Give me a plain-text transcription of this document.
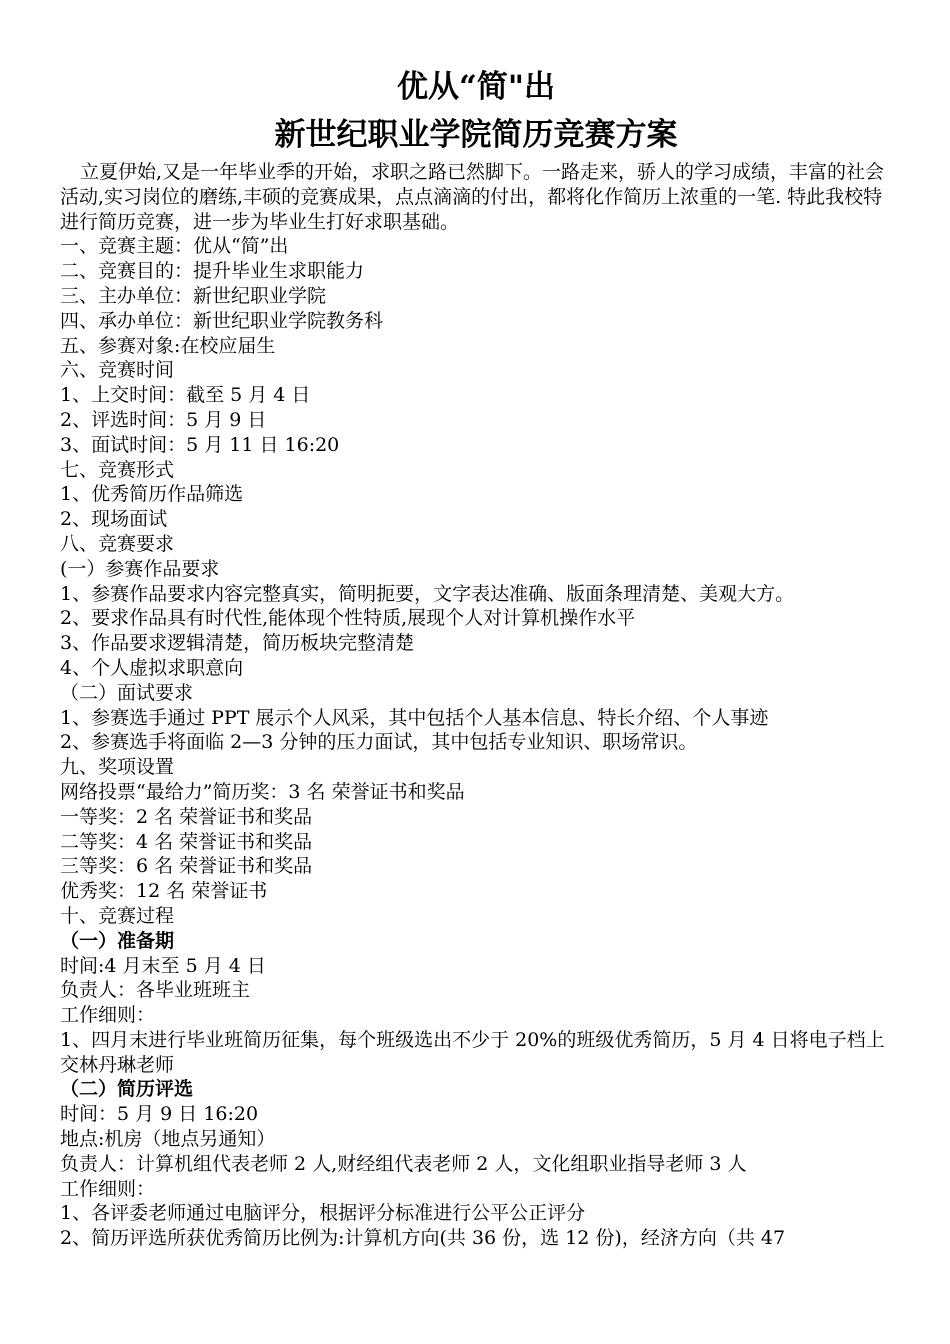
优从“简"出
新世纪职业学院简历竞赛方案
立夏伊始,又是一年毕业季的开始，求职之路已然脚下。一路走来，骄人的学习成绩，丰富的社会活动,实习岗位的磨练,丰硕的竞赛成果，点点滴滴的付出，都将化作简历上浓重的一笔. 特此我校特进行简历竞赛，进一步为毕业生打好求职基础。
一、竞赛主题：优从“简”出
二、竞赛目的：提升毕业生求职能力
三、主办单位：新世纪职业学院
四、承办单位：新世纪职业学院教务科
五、参赛对象:在校应届生
六、竞赛时间
1、上交时间：截至 5 月 4 日
2、评选时间：5 月 9 日
3、面试时间：5 月 11 日 16:20
七、竞赛形式
1、优秀简历作品筛选
2、现场面试
八、竞赛要求
(一）参赛作品要求
1、参赛作品要求内容完整真实，简明扼要，文字表达准确、版面条理清楚、美观大方。
2、要求作品具有时代性,能体现个性特质,展现个人对计算机操作水平
3、作品要求逻辑清楚，简历板块完整清楚
4、个人虚拟求职意向
（二）面试要求
1、参赛选手通过 PPT 展示个人风采，其中包括个人基本信息、特长介绍、个人事迹
2、参赛选手将面临 2—3 分钟的压力面试，其中包括专业知识、职场常识。
九、奖项设置
网络投票“最给力”简历奖：3 名 荣誉证书和奖品
一等奖：2 名 荣誉证书和奖品
二等奖：4 名 荣誉证书和奖品
三等奖：6 名 荣誉证书和奖品
优秀奖：12 名 荣誉证书
十、竞赛过程
（一）准备期
时间:4 月末至 5 月 4 日
负责人：各毕业班班主
工作细则：
1、四月末进行毕业班简历征集，每个班级选出不少于 20%的班级优秀简历，5 月 4 日将电子档上交林丹琳老师
（二）简历评选
时间：5 月 9 日 16:20
地点:机房（地点另通知）
负责人：计算机组代表老师 2 人,财经组代表老师 2 人，文化组职业指导老师 3 人
工作细则：
1、各评委老师通过电脑评分，根据评分标准进行公平公正评分
2、简历评选所获优秀简历比例为:计算机方向(共 36 份，选 12 份)，经济方向（共 47
